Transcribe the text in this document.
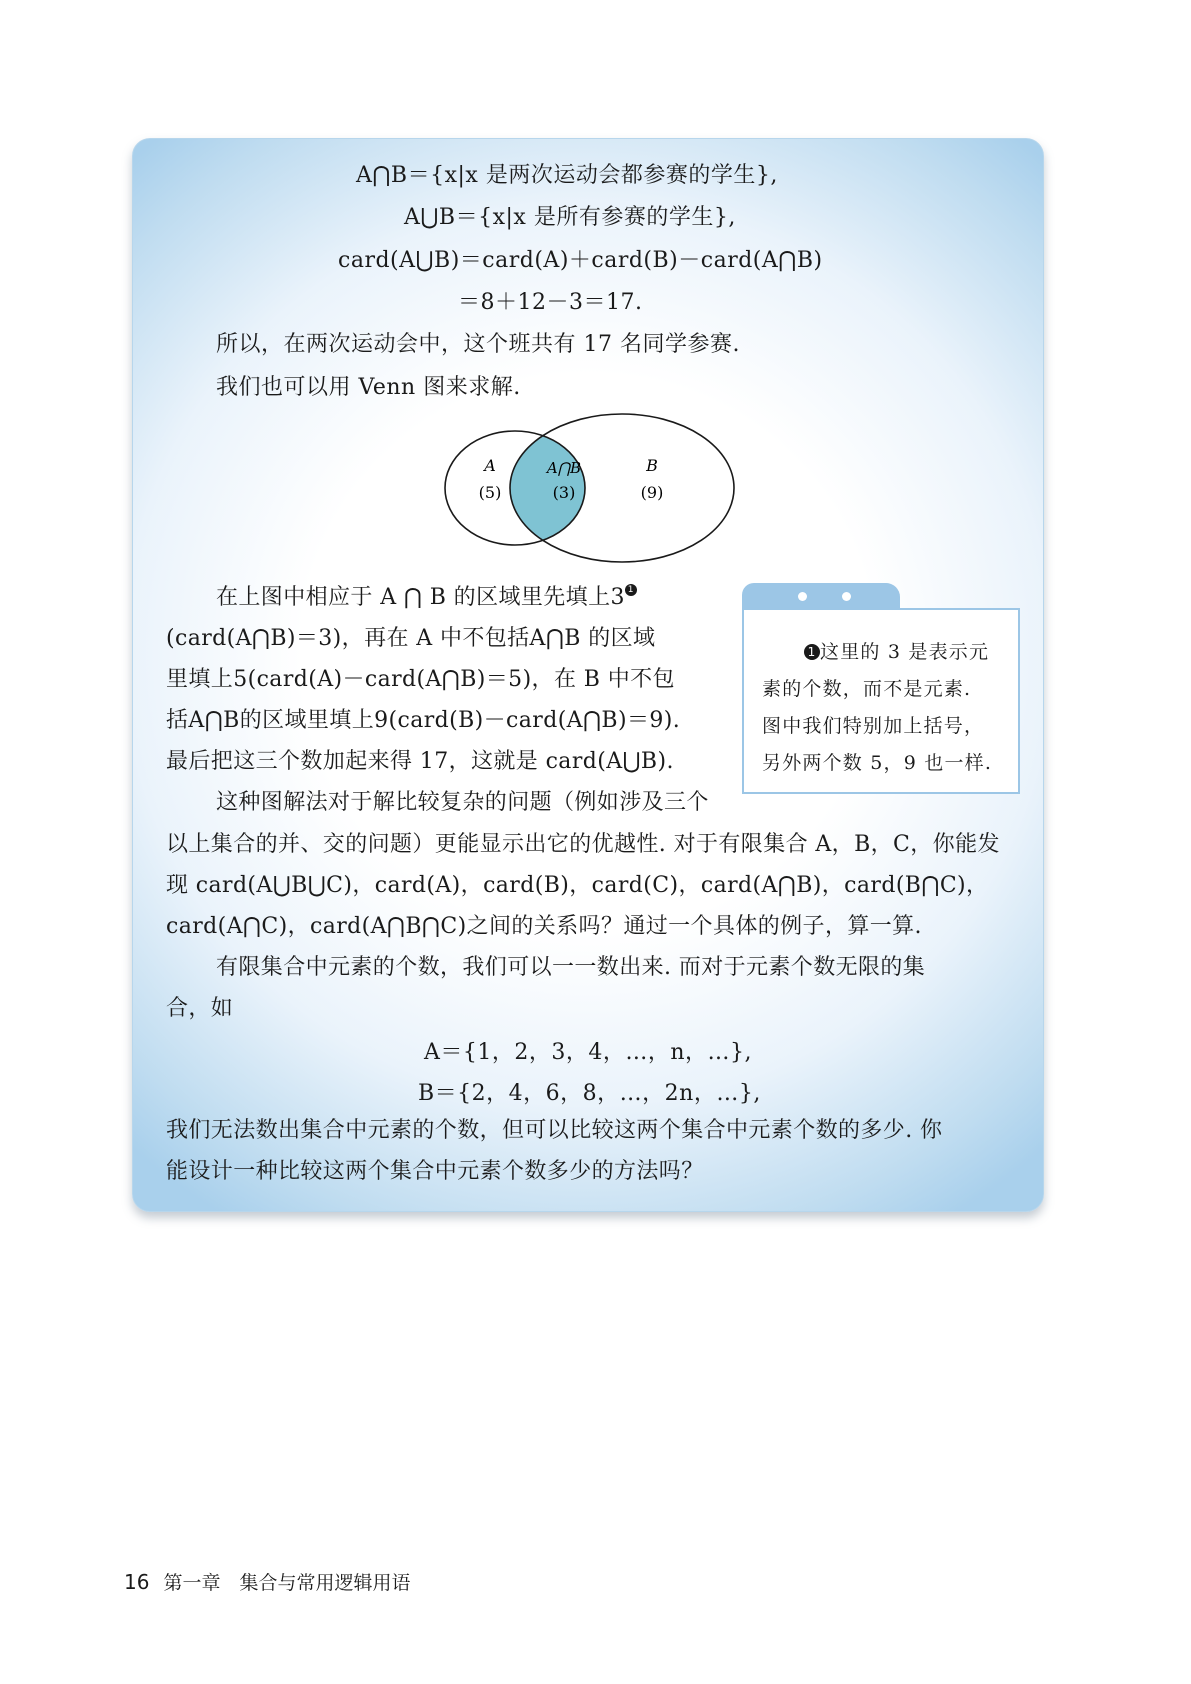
A⋂B＝{x|x 是两次运动会都参赛的学生},
A⋃B＝{x|x 是所有参赛的学生},
card(A⋃B)＝card(A)＋card(B)－card(A⋂B)
＝8＋12－3＝17.
所以，在两次运动会中，这个班共有 17 名同学参赛.
我们也可以用 Venn 图来求解.
A
(5)
A⋂B
(3)
B
(9)

在上图中相应于 A ⋂ B 的区域里先填上3 1

(card(A⋂B)＝3)，再在 A 中不包括A⋂B 的区域

里填上5(card(A)－card(A⋂B)＝5)，在 B 中不包

括A⋂B的区域里填上9(card(B)－card(A⋂B)＝9).

最后把这三个数加起来得 17，这就是 card(A⋃B).

这种图解法对于解比较复杂的问题（例如涉及三个

1 这里的 3 是表示元
素的个数，而不是元素.
图中我们特别加上括号，
另外两个数 5，9 也一样.

以上集合的并、交的问题）更能显示出它的优越性. 对于有限集合 A，B，C，你能发

现 card(A⋃B⋃C)，card(A)，card(B)，card(C)，card(A⋂B)，card(B⋂C)，

card(A⋂C)，card(A⋂B⋂C)之间的关系吗？通过一个具体的例子，算一算.

有限集合中元素的个数，我们可以一一数出来. 而对于元素个数无限的集

合，如

A＝{1，2，3，4，…，n，…},
B＝{2，4，6，8，…，2n，…},

我们无法数出集合中元素的个数，但可以比较这两个集合中元素个数的多少. 你

能设计一种比较这两个集合中元素个数多少的方法吗？

16 第一章　集合与常用逻辑用语
